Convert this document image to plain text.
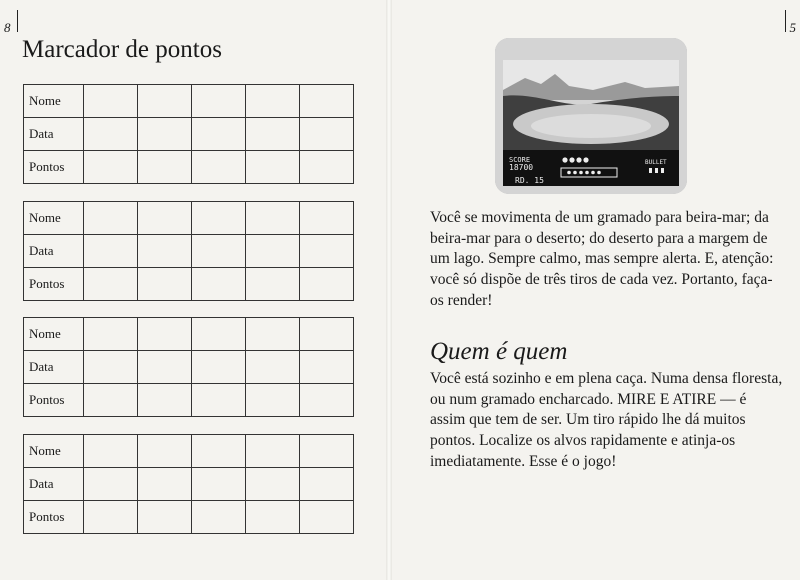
8
Marcador de pontos
Nome					
Data					
Pontos					
Nome					
Data					
Pontos					
Nome					
Data					
Pontos					
Nome					
Data					
Pontos					
5
SCORE
18700
RD. 15
BULLET

Você se movimenta de um gramado para beira-mar; da beira-mar para o deserto; do deserto para a margem de um lago. Sempre calmo, mas sempre alerta. E, atenção: você só dispõe de três tiros de cada vez. Portanto, faça-os render!

Quem é quem

Você está sozinho e em plena caça. Numa densa floresta, ou num gramado encharcado. MIRE E ATIRE — é assim que tem de ser. Um tiro rápido lhe dá muitos pontos. Localize os alvos rapidamente e atinja-os imediatamente. Esse é o jogo!
